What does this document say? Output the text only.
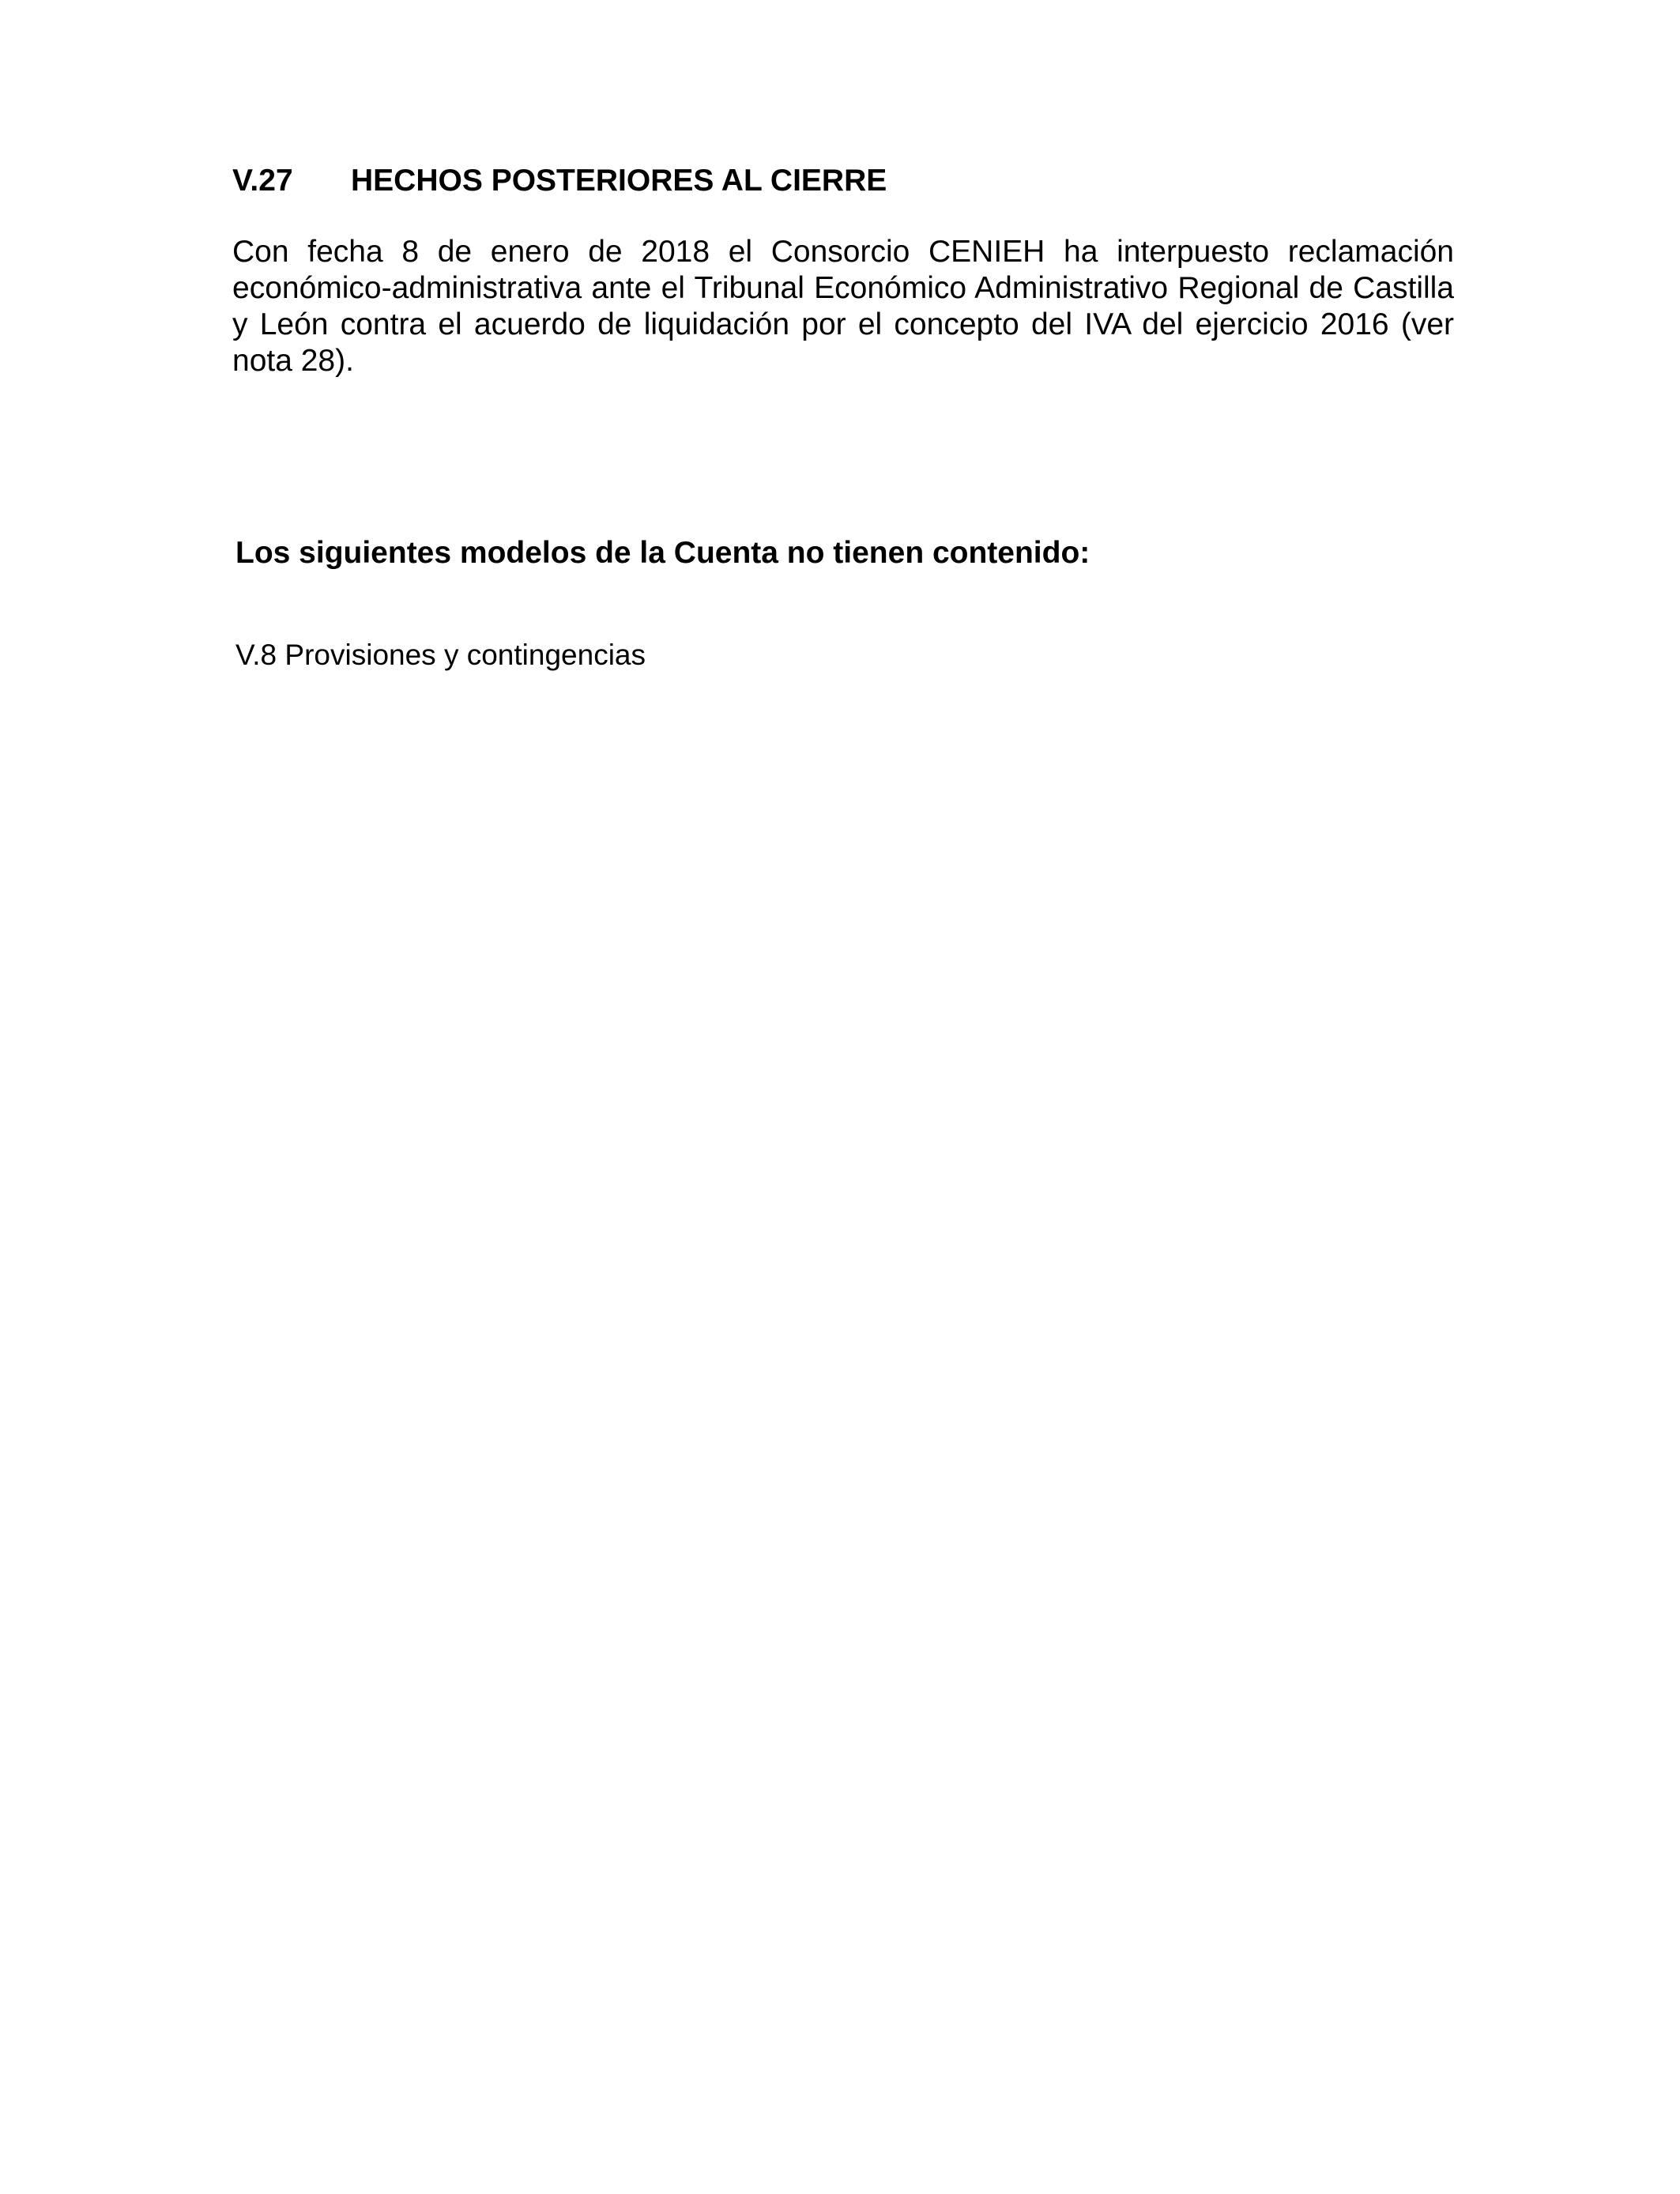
V.27 HECHOS POSTERIORES AL CIERRE

Con fecha 8 de enero de 2018 el Consorcio CENIEH ha interpuesto reclamación económico-administrativa ante el Tribunal Económico Administrativo Regional de Castilla y León contra el acuerdo de liquidación por el concepto del IVA del ejercicio 2016 (ver nota 28).

Los siguientes modelos de la Cuenta no tienen contenido:

V.8 Provisiones y contingencias
